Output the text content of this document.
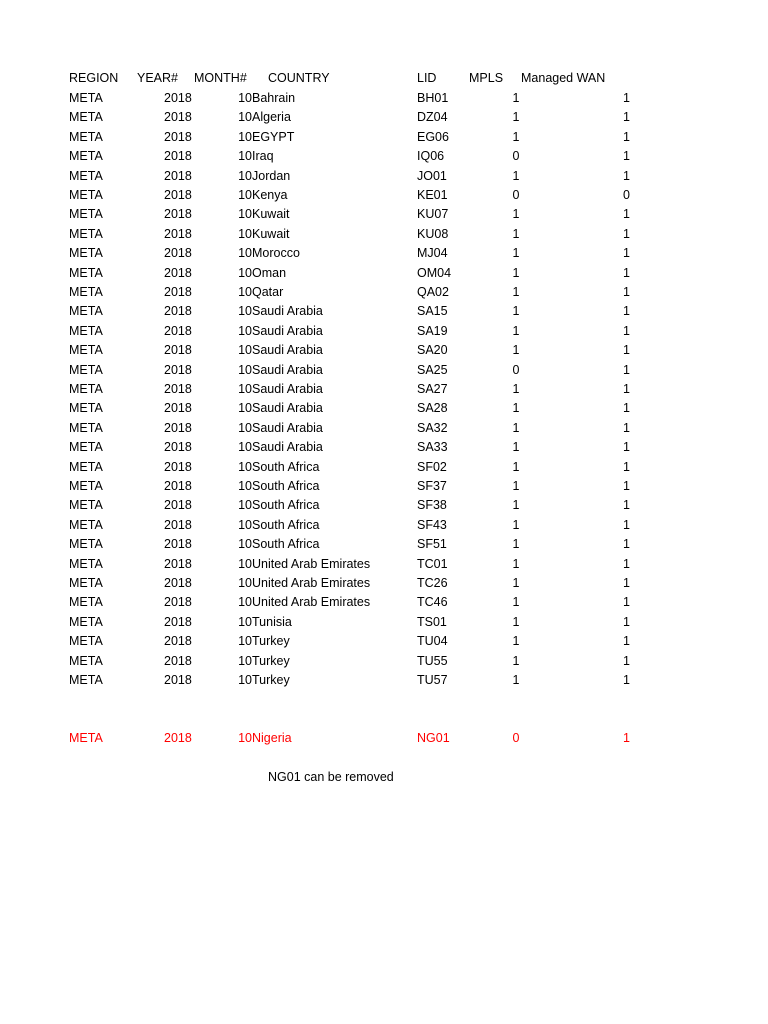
REGION YEAR# MONTH# COUNTRY	LID	MPLS Managed WAN
META	2018	10 Bahrain	BH01	1	1
META	2018	10 Algeria	DZ04	1	1
META	2018	10 EGYPT	EG06	1	1
META	2018	10 Iraq	IQ06	0	1
META	2018	10 Jordan	JO01	1	1
META	2018	10 Kenya	KE01	0	0
META	2018	10 Kuwait	KU07	1	1
META	2018	10 Kuwait	KU08	1	1
META	2018	10 Morocco	MJ04	1	1
META	2018	10 Oman	OM04	1	1
META	2018	10 Qatar	QA02	1	1
META	2018	10 Saudi Arabia	SA15	1	1
META	2018	10 Saudi Arabia	SA19	1	1
META	2018	10 Saudi Arabia	SA20	1	1
META	2018	10 Saudi Arabia	SA25	0	1
META	2018	10 Saudi Arabia	SA27	1	1
META	2018	10 Saudi Arabia	SA28	1	1
META	2018	10 Saudi Arabia	SA32	1	1
META	2018	10 Saudi Arabia	SA33	1	1
META	2018	10 South Africa	SF02	1	1
META	2018	10 South Africa	SF37	1	1
META	2018	10 South Africa	SF38	1	1
META	2018	10 South Africa	SF43	1	1
META	2018	10 South Africa	SF51	1	1
META	2018	10 United Arab Emirates	TC01	1	1
META	2018	10 United Arab Emirates	TC26	1	1
META	2018	10 United Arab Emirates	TC46	1	1
META	2018	10 Tunisia	TS01	1	1
META	2018	10 Turkey	TU04	1	1
META	2018	10 Turkey	TU55	1	1
META	2018	10 Turkey	TU57	1	1
META	2018	10 Nigeria	NG01	0	1
NG01 can be removed
